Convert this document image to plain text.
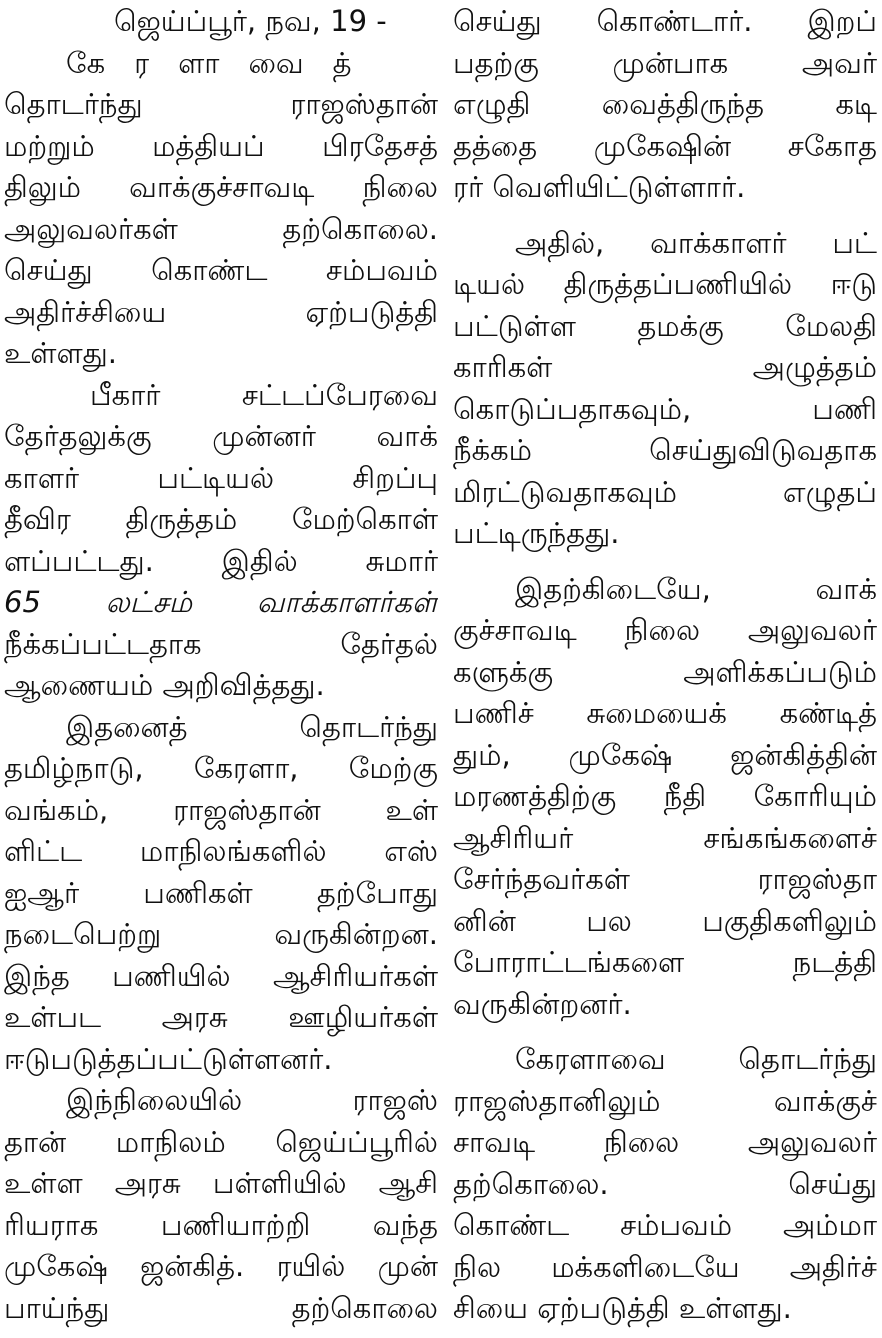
ஜெய்ப்பூர், நவ, 19 -
கேரளாவைத்
தொடர்ந்து ராஜஸ்தான்
மற்றும் மத்தியப் பிரதேசத்
திலும் வாக்குச்சாவடி நிலை
அலுவலர்கள் தற்கொலை.
செய்து கொண்ட சம்பவம்
அதிர்ச்சியை ஏற்படுத்தி
உள்ளது.
பீகார் சட்டப்பேரவை
தேர்தலுக்கு முன்னர் வாக்
காளர் பட்டியல் சிறப்பு
தீவிர திருத்தம் மேற்கொள்
ளப்பட்டது. இதில் சுமார்
65 லட்சம் வாக்காளர்கள்
நீக்கப்பட்டதாக தேர்தல்
ஆணையம் அறிவித்தது.
இதனைத் தொடர்ந்து
தமிழ்நாடு, கேரளா, மேற்கு
வங்கம், ராஜஸ்தான் உள்
ளிட்ட மாநிலங்களில் எஸ்
ஐஆர் பணிகள் தற்போது
நடைபெற்று வருகின்றன.
இந்த பணியில் ஆசிரியர்கள்
உள்பட அரசு ஊழியர்கள்
ஈடுபடுத்தப்பட்டுள்ளனர்.
இந்நிலையில் ராஜஸ்
தான் மாநிலம் ஜெய்ப்பூரில்
உள்ள அரசு பள்ளியில் ஆசி
ரியராக பணியாற்றி வந்த
முகேஷ் ஜன்கித். ரயில் முன்
பாய்ந்து தற்கொலை
செய்து கொண்டார். இறப்
பதற்கு முன்பாக அவர்
எழுதி வைத்திருந்த கடி
தத்தை முகேஷின் சகோத
ரர் வெளியிட்டுள்ளார்.
அதில், வாக்காளர் பட்
டியல் திருத்தப்பணியில் ஈடு
பட்டுள்ள தமக்கு மேலதி
காரிகள் அழுத்தம்
கொடுப்பதாகவும், பணி
நீக்கம் செய்துவிடுவதாக
மிரட்டுவதாகவும் எழுதப்
பட்டிருந்தது.
இதற்கிடையே, வாக்
குச்சாவடி நிலை அலுவலர்
களுக்கு அளிக்கப்படும்
பணிச் சுமையைக் கண்டித்
தும், முகேஷ் ஜன்கித்தின்
மரணத்திற்கு நீதி கோரியும்
ஆசிரியர் சங்கங்களைச்
சேர்ந்தவர்கள் ராஜஸ்தா
னின் பல பகுதிகளிலும்
போராட்டங்களை நடத்தி
வருகின்றனர்.
கேரளாவை தொடர்ந்து
ராஜஸ்தானிலும் வாக்குச்
சாவடி நிலை அலுவலர்
தற்கொலை. செய்து
கொண்ட சம்பவம் அம்மா
நில மக்களிடையே அதிர்ச்
சியை ஏற்படுத்தி உள்ளது.
